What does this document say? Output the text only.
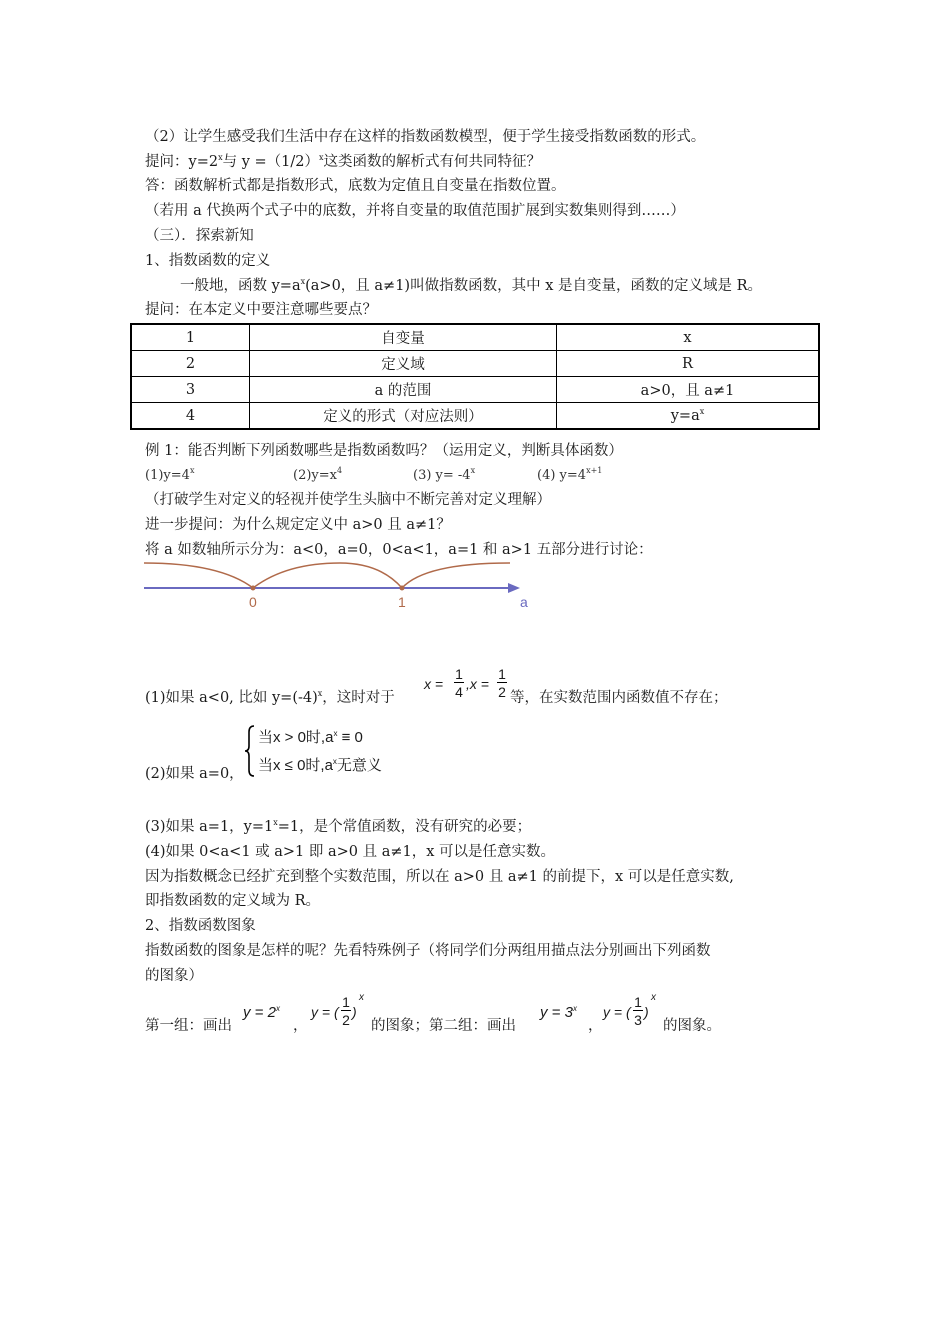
（2）让学生感受我们生活中存在这样的指数函数模型，便于学生接受指数函数的形式。
提问：$y=2^x$与 $y =(1/2)^x$这类函数的解析式有何共同特征？
答：函数解析式都是指数形式，底数为定值且自变量在指数位置。
（若用 a 代换两个式子中的底数，并将自变量的取值范围扩展到实数集则得到……）
（三）．探索新知
1、指数函数的定义
一般地，函数 $y=a^x(a>0$，且 a≠1)叫做指数函数，其中 x 是自变量，函数的定义域是 R。
提问：在本定义中要注意哪些要点？
1	自变量	x
2	定义域	R
3	a 的范围	a>0，且 a≠1
4	定义的形式（对应法则）	$y=a^x$
例 1：能否判断下列函数哪些是指数函数吗？（运用定义，判断具体函数）
$(1)y=4^x$	$(2)y=x^4$	(3) $y= -4^x$	(4) $y=4^{x+1}$
（打破学生对定义的轻视并使学生头脑中不断完善对定义理解）
进一步提问：为什么规定定义中 a>0 且 a≠1？
将 a 如数轴所示分为：a<0，a=0，0<a<1，a=1 和 a>1 五部分进行讨论：
0	1	a
(1)如果 a<0, 比如 $y=(-4)^x$，这时对于
x =
1
4 ,x =
1
2 等，在实数范围内函数值不存在；
(2)如果 a=0，
当x > 0时$,a^x \equiv 0$
当x ≤ 0时$,a^x$无意义
(3)如果 a=1，$y=1^x=1$，是个常值函数，没有研究的必要；
(4)如果 0<a<1 或 a>1 即 a>0 且 a≠1，x 可以是任意实数。
因为指数概念已经扩充到整个实数范围，所以在 a>0 且 a≠1 的前提下，x 可以是任意实数,
即指数函数的定义域为 R。
2、指数函数图象
指数函数的图象是怎样的呢？先看特殊例子（将同学们分两组用描点法分别画出下列函数
的图象）
第一组：画出
$y = 2^x$
，
y = (
1
2 )
x
的图象；第二组：画出
$y = 3^x$
，
y = (
1
3 )
x
的图象。
